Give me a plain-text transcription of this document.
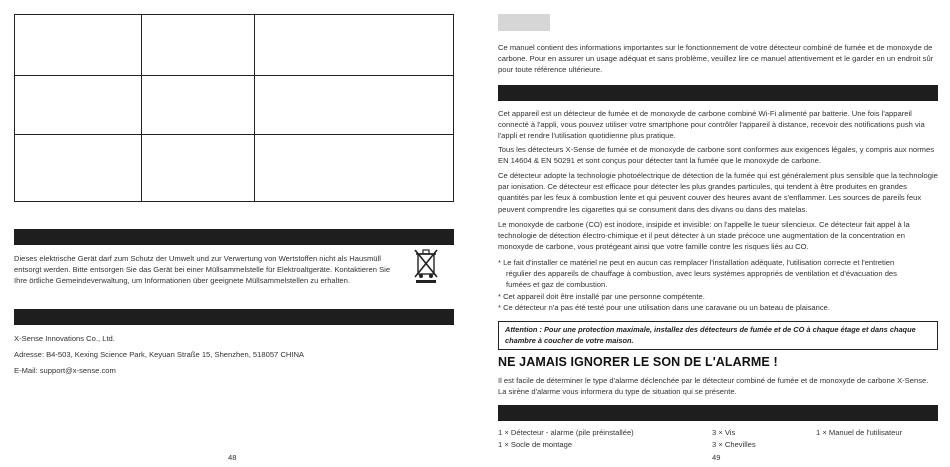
Dieses elektrische Gerät darf zum Schutz der Umwelt und zur Verwertung von Wertstoffen nicht als Hausmüll entsorgt werden. Bitte entsorgen Sie das Gerät bei einer Müllsammelstelle für Elektroaltgeräte. Kontaktieren Sie Ihre örtliche Gemeindeverwaltung, um Informationen über geeignete Müllsammelstellen zu erhalten.
X-Sense Innovations Co., Ltd.
Adresse: B4-503, Kexing Science Park, Keyuan Straße 15, Shenzhen, 518057 CHINA
E-Mail: support@x-sense.com
48
Ce manuel contient des informations importantes sur le fonctionnement de votre détecteur combiné de fumée et de monoxyde de carbone. Pour en assurer un usage adéquat et sans problème, veuillez lire ce manuel attentivement et le garder en un endroit sûr pour toute référence ultérieure.
Cet appareil est un détecteur de fumée et de monoxyde de carbone combiné Wi-Fi alimenté par batterie. Une fois l'appareil connecté à l'appli, vous pouvez utiliser votre smartphone pour contrôler l'appareil à distance, recevoir des notifications push via l'appli et rendre l'utilisation quotidienne plus pratique.
Tous les détecteurs X-Sense de fumée et de monoxyde de carbone sont conformes aux exigences légales, y compris aux normes EN 14604 & EN 50291 et sont conçus pour détecter tant la fumée que le monoxyde de carbone.
Ce détecteur adopte la technologie photoélectrique de détection de la fumée qui est généralement plus sensible que la technologie par ionisation. Ce détecteur est efficace pour détecter les plus grandes particules, qui tendent à être produites en grandes quantités par les feux à combustion lente et qui peuvent couver des heures avant de s'enflammer. Les sources de pareils feux peuvent comprendre les cigarettes qui se consument dans des divans ou dans des matelas.
Le monoxyde de carbone (CO) est inodore, insipide et invisible: on l'appelle le tueur silencieux. Ce détecteur fait appel à la technologie de détection électro-chimique et il peut détecter à un stade précoce une augmentation de la concentration en monoxyde de carbone, vous protégeant ainsi que votre famille contre les risques liés au CO.
* Le fait d'installer ce matériel ne peut en aucun cas remplacer l'installation adéquate, l'utilisation correcte et l'entretien
régulier des appareils de chauffage à combustion, avec leurs systèmes appropriés de ventilation et d'évacuation des
fumées et gaz de combustion.
* Cet appareil doit être installé par une personne compétente.
* Ce détecteur n'a pas été testé pour une utilisation dans une caravane ou un bateau de plaisance.
Attention : Pour une protection maximale, installez des détecteurs de fumée et de CO à chaque étage et dans chaque chambre à coucher de votre maison.
NE JAMAIS IGNORER LE SON DE L'ALARME !
Il est facile de déterminer le type d'alarme déclenchée par le détecteur combiné de fumée et de monoxyde de carbone X-Sense. La sirène d'alarme vous informera du type de situation qui se présente.
1 × Détecteur - alarme (pile préinstallée)
1 × Socle de montage
3 × Vis
3 × Chevilles
1 × Manuel de l'utilisateur
49
